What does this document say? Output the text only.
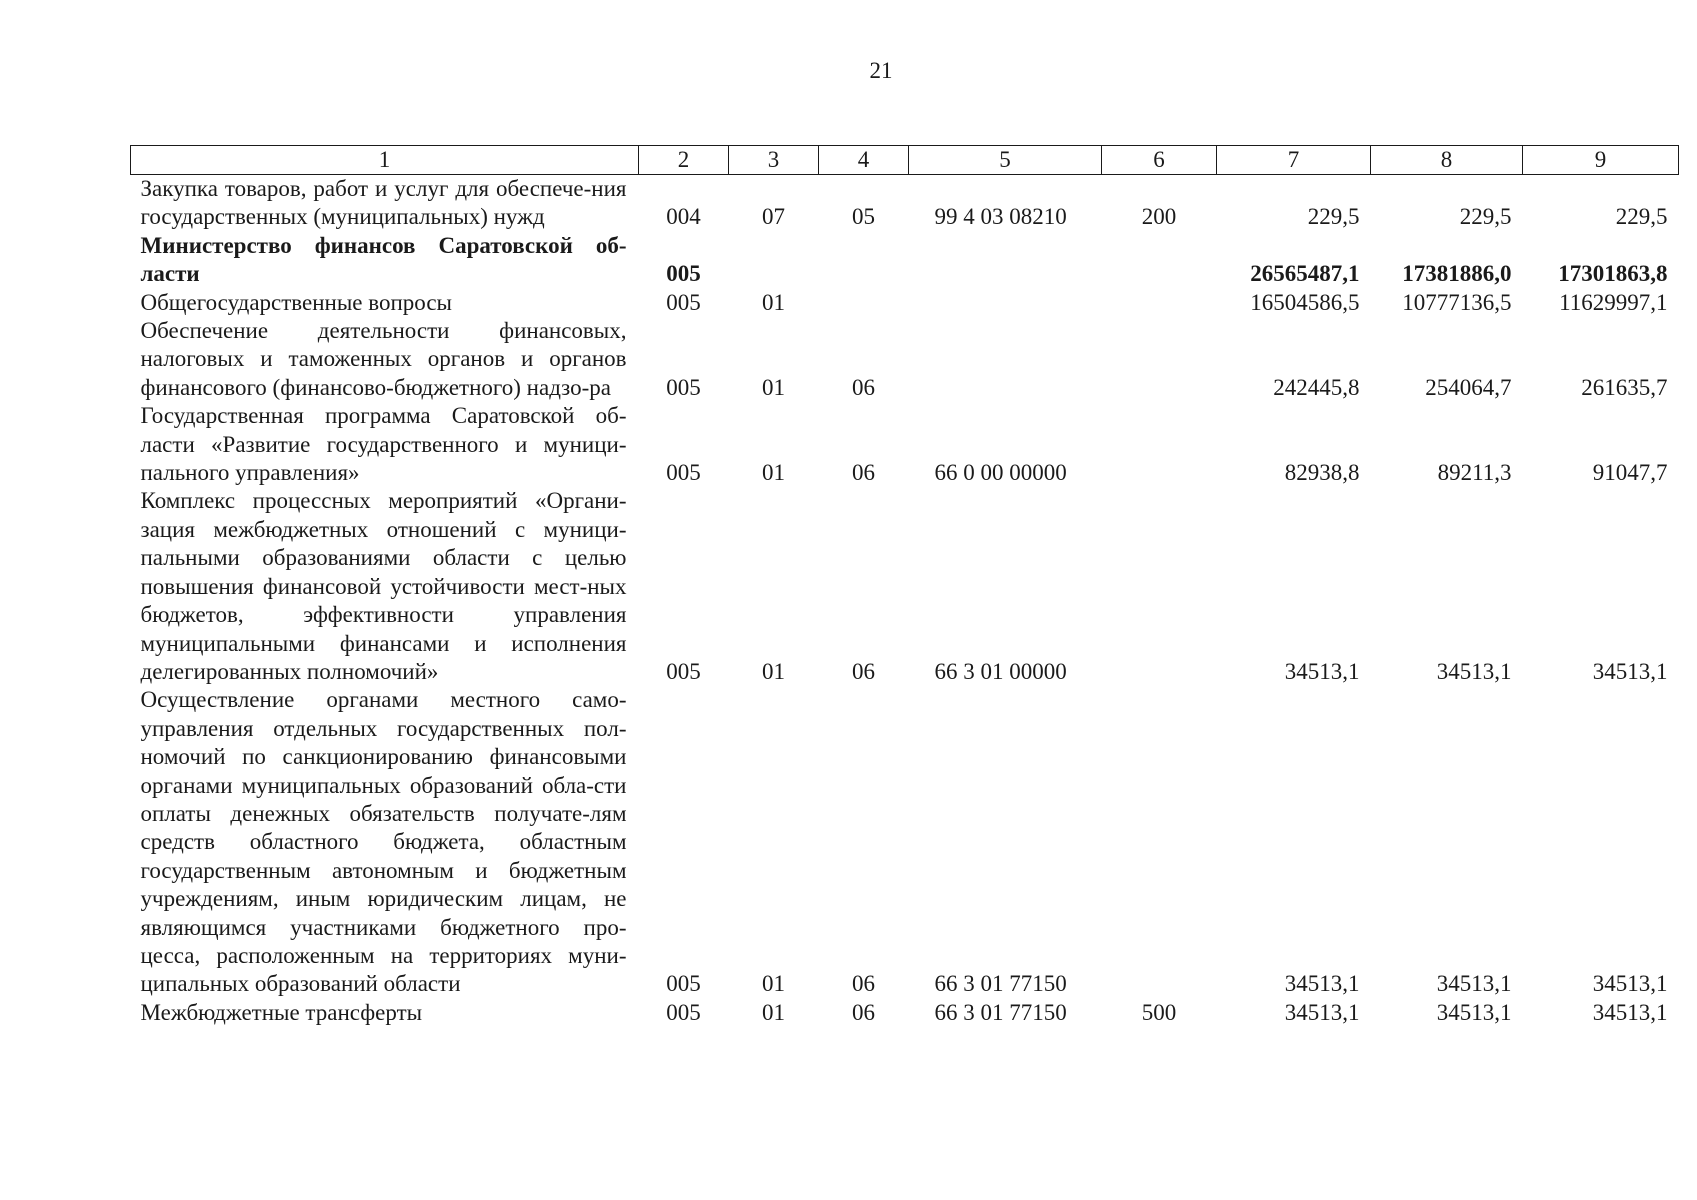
21
1	2	3	4	5	6	7	8	9
Закупка товаров, работ и услуг для обеспече-ния государственных (муниципальных) нужд	004	07	05	99 4 03 08210	200	229,5	229,5	229,5
Министерство финансов Саратовской об-ласти	005					26565487,1	17381886,0	17301863,8
Общегосударственные вопросы	005	01				16504586,5	10777136,5	11629997,1
Обеспечение деятельности финансовых, налоговых и таможенных органов и органов финансового (финансово-бюджетного) надзо-ра	005	01	06			242445,8	254064,7	261635,7
Государственная программа Саратовской об-ласти «Развитие государственного и муници-пального управления»	005	01	06	66 0 00 00000		82938,8	89211,3	91047,7
Комплекс процессных мероприятий «Органи-зация межбюджетных отношений с муници-пальными образованиями области с целью повышения финансовой устойчивости мест-ных бюджетов, эффективности управления муниципальными финансами и исполнения делегированных полномочий»	005	01	06	66 3 01 00000		34513,1	34513,1	34513,1
Осуществление органами местного само-управления отдельных государственных пол-номочий по санкционированию финансовыми органами муниципальных образований обла-сти оплаты денежных обязательств получате-лям средств областного бюджета, областным государственным автономным и бюджетным учреждениям, иным юридическим лицам, не являющимся участниками бюджетного про-цесса, расположенным на территориях муни-ципальных образований области	005	01	06	66 3 01 77150		34513,1	34513,1	34513,1
Межбюджетные трансферты	005	01	06	66 3 01 77150	500	34513,1	34513,1	34513,1
